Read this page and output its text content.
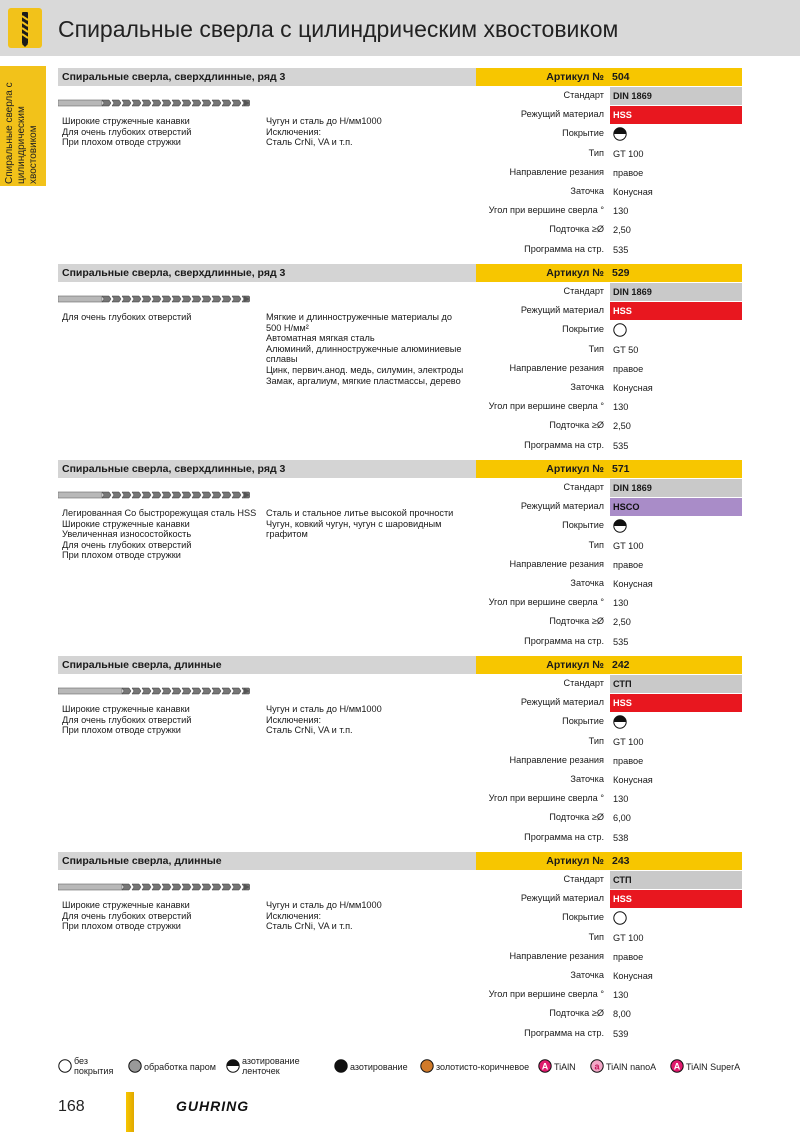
Спиральные сверла с цилиндрическим хвостовиком
Спиральные сверла с цилиндрическим хвостовиком
Спиральные сверла, сверхдлинные, ряд 3	Артикул № 504
Широкие стружечные канавки
Для очень глубоких отверстий
При плохом отводе стружки
Чугун и сталь до Н/мм1000
Исключения:
Сталь CrNi, VA и т.п.
Стандарт DIN 1869
Режущий материал HSS
Покрытие
Тип GT 100
Направление резания правое
Заточка Конусная
Угол при вершине сверла ° 130
Подточка ≥Ø 2,50
Программа на стр. 535
Спиральные сверла, сверхдлинные, ряд 3	Артикул № 529
Для очень глубоких отверстий	Мягкие и длинностружечные материалы до
500 Н/мм²
Автоматная мягкая сталь
Алюминий, длинностружечные алюминиевые
сплавы
Цинк, первич.анод. медь, силумин, электроды
Замак, аргалиум, мягкие пластмассы, дерево
Стандарт DIN 1869
Режущий материал HSS
Покрытие
Тип GT 50
Направление резания правое
Заточка Конусная
Угол при вершине сверла ° 130
Подточка ≥Ø 2,50
Программа на стр. 535
Спиральные сверла, сверхдлинные, ряд 3	Артикул № 571
Легированная Co быстрорежущая сталь HSS
Широкие стружечные канавки
Увеличенная износостойкость
Для очень глубоких отверстий
При плохом отводе стружки
Сталь и стальное литье высокой прочности
Чугун, ковкий чугун, чугун с шаровидным
графитом
Стандарт DIN 1869
Режущий материал HSCO
Покрытие
Тип GT 100
Направление резания правое
Заточка Конусная
Угол при вершине сверла ° 130
Подточка ≥Ø 2,50
Программа на стр. 535
Спиральные сверла, длинные	Артикул № 242
Широкие стружечные канавки
Для очень глубоких отверстий
При плохом отводе стружки
Чугун и сталь до Н/мм1000
Исключения:
Сталь CrNi, VA и т.п.
Стандарт СТП
Режущий материал HSS
Покрытие
Тип GT 100
Направление резания правое
Заточка Конусная
Угол при вершине сверла ° 130
Подточка ≥Ø 6,00
Программа на стр. 538
Спиральные сверла, длинные	Артикул № 243
Широкие стружечные канавки
Для очень глубоких отверстий
При плохом отводе стружки
Чугун и сталь до Н/мм1000
Исключения:
Сталь CrNi, VA и т.п.
Стандарт СТП
Режущий материал HSS
Покрытие
Тип GT 100
Направление резания правое
Заточка Конусная
Угол при вершине сверла ° 130
Подточка ≥Ø 8,00
Программа на стр. 539
без
покрытия	обработка паром
азотирование
ленточек	азотирование	золотисто-коричневое A TiAlN a TiAlN nanoA A TiAlN SuperA
168	GUHRING
